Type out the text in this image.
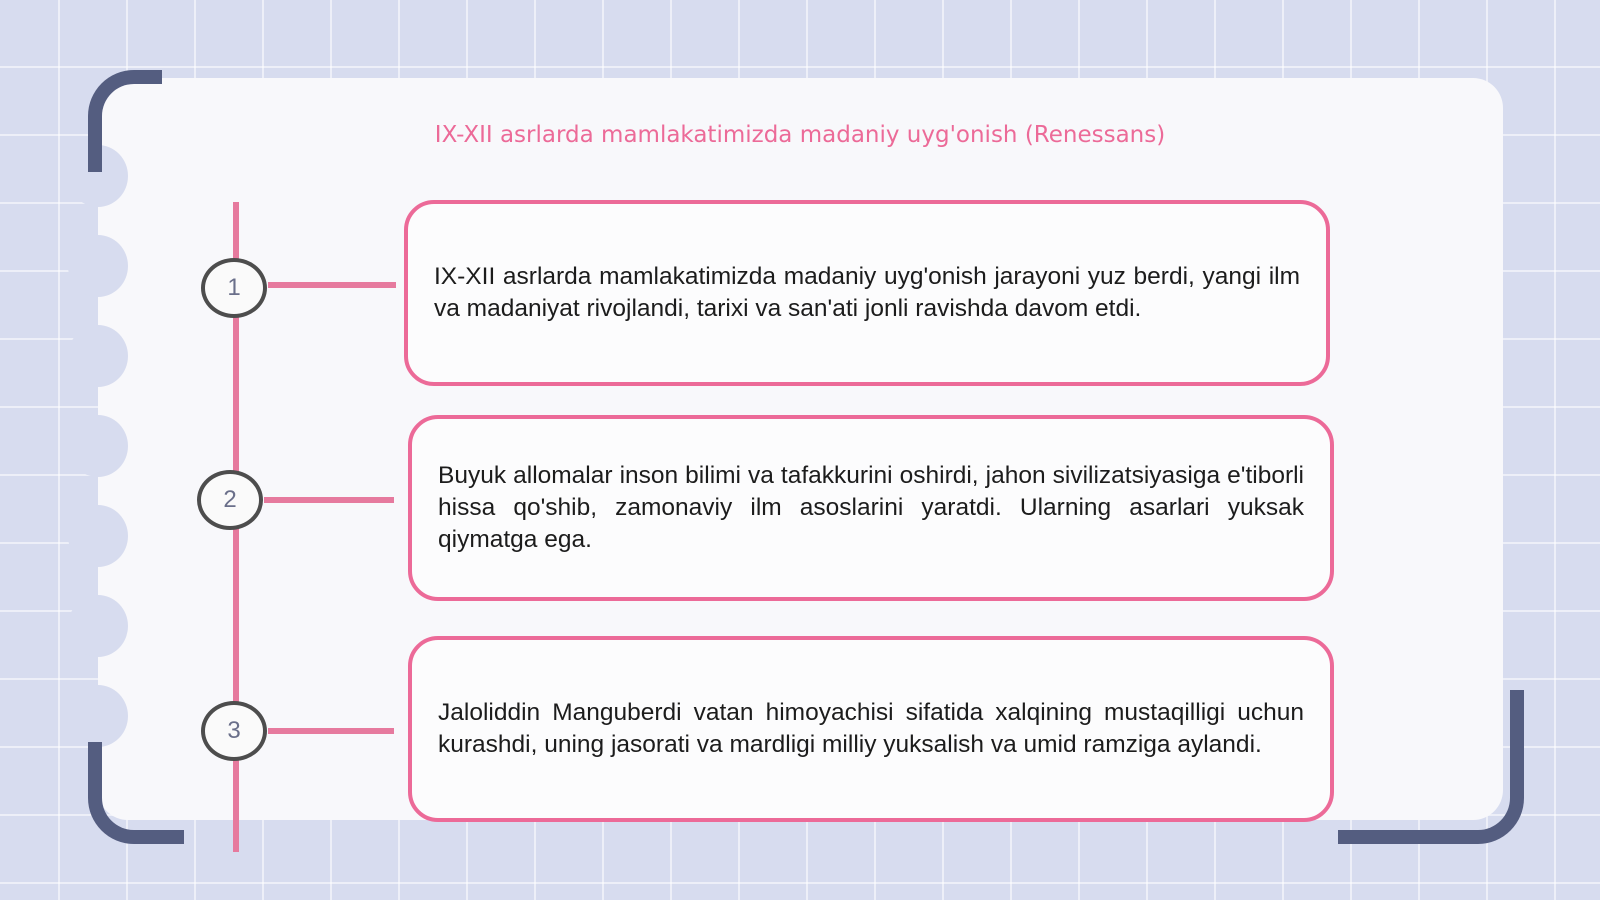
IX-XII asrlarda mamlakatimizda madaniy uyg'onish (Renessans)
1	IX-XII asrlarda mamlakatimizda madaniy uyg'onish jarayoni yuz berdi, yangi ilm va madaniyat rivojlandi, tarixi va san'ati jonli ravishda davom etdi.
2
Buyuk allomalar inson bilimi va tafakkurini oshirdi, jahon sivilizatsiyasiga e'tiborli hissa qo'shib, zamonaviy ilm asoslarini yaratdi. Ularning asarlari yuksak qiymatga ega.
3
Jaloliddin Manguberdi vatan himoyachisi sifatida xalqining mustaqilligi uchun kurashdi, uning jasorati va mardligi milliy yuksalish va umid ramziga aylandi.
